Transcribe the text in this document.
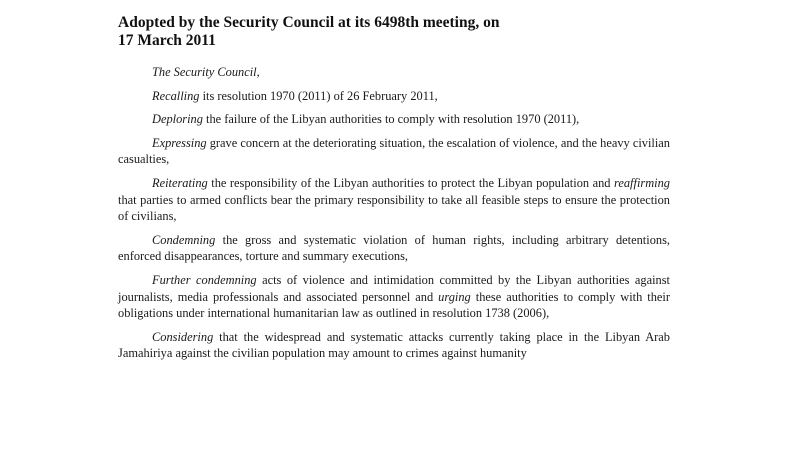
Adopted by the Security Council at its 6498th meeting, on
17 March 2011

The Security Council,

Recalling its resolution 1970 (2011) of 26 February 2011,

Deploring the failure of the Libyan authorities to comply with resolution 1970 (2011),

Expressing grave concern at the deteriorating situation, the escalation of violence, and the heavy civilian casualties,

Reiterating the responsibility of the Libyan authorities to protect the Libyan population and reaffirming that parties to armed conflicts bear the primary responsibility to take all feasible steps to ensure the protection of civilians,

Condemning the gross and systematic violation of human rights, including arbitrary detentions, enforced disappearances, torture and summary executions,

Further condemning acts of violence and intimidation committed by the Libyan authorities against journalists, media professionals and associated personnel and urging these authorities to comply with their obligations under international humanitarian law as outlined in resolution 1738 (2006),

Considering that the widespread and systematic attacks currently taking place in the Libyan Arab Jamahiriya against the civilian population may amount to crimes against humanity
